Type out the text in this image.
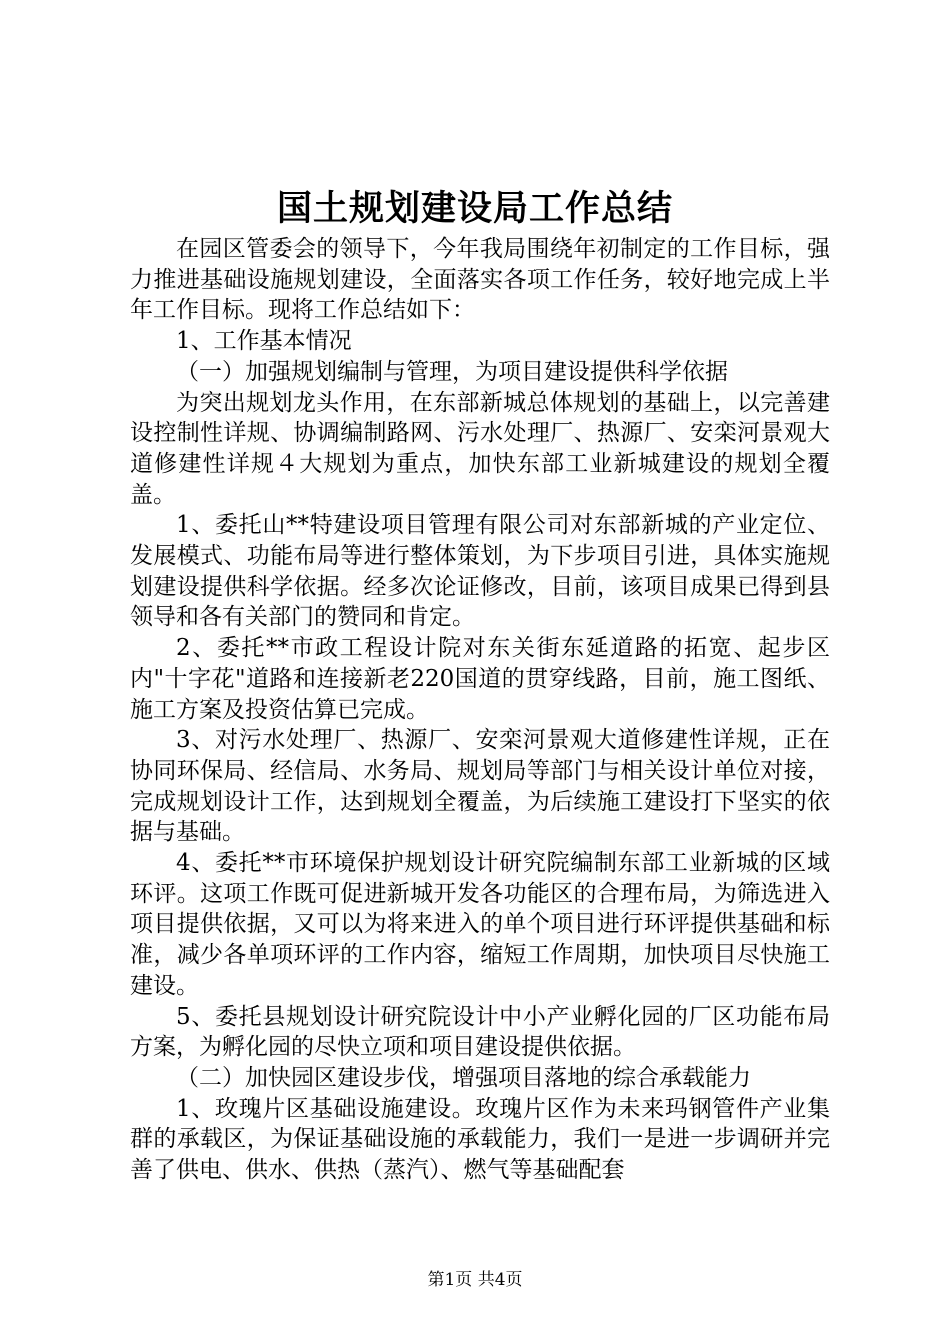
国土规划建设局工作总结

在园区管委会的领导下，今年我局围绕年初制定的工作目标，强力推进基础设施规划建设，全面落实各项工作任务，较好地完成上半年工作目标。现将工作总结如下：

1、工作基本情况

（一）加强规划编制与管理，为项目建设提供科学依据

为突出规划龙头作用，在东部新城总体规划的基础上，以完善建设控制性详规、协调编制路网、污水处理厂、热源厂、安栾河景观大道修建性详规４大规划为重点，加快东部工业新城建设的规划全覆盖。

1、委托山**特建设项目管理有限公司对东部新城的产业定位、发展模式、功能布局等进行整体策划，为下步项目引进，具体实施规划建设提供科学依据。经多次论证修改，目前，该项目成果已得到县领导和各有关部门的赞同和肯定。

2、委托**市政工程设计院对东关街东延道路的拓宽、起步区内"十字花"道路和连接新老220国道的贯穿线路，目前，施工图纸、施工方案及投资估算已完成。

3、对污水处理厂、热源厂、安栾河景观大道修建性详规，正在协同环保局、经信局、水务局、规划局等部门与相关设计单位对接，完成规划设计工作，达到规划全覆盖，为后续施工建设打下坚实的依据与基础。

4、委托**市环境保护规划设计研究院编制东部工业新城的区域环评。这项工作既可促进新城开发各功能区的合理布局，为筛选进入项目提供依据，又可以为将来进入的单个项目进行环评提供基础和标准，减少各单项环评的工作内容，缩短工作周期，加快项目尽快施工建设。

5、委托县规划设计研究院设计中小产业孵化园的厂区功能布局方案，为孵化园的尽快立项和项目建设提供依据。

（二）加快园区建设步伐，增强项目落地的综合承载能力

1、玫瑰片区基础设施建设。玫瑰片区作为未来玛钢管件产业集群的承载区，为保证基础设施的承载能力，我们一是进一步调研并完善了供电、供水、供热（蒸汽）、燃气等基础配套

第1页 共4页
